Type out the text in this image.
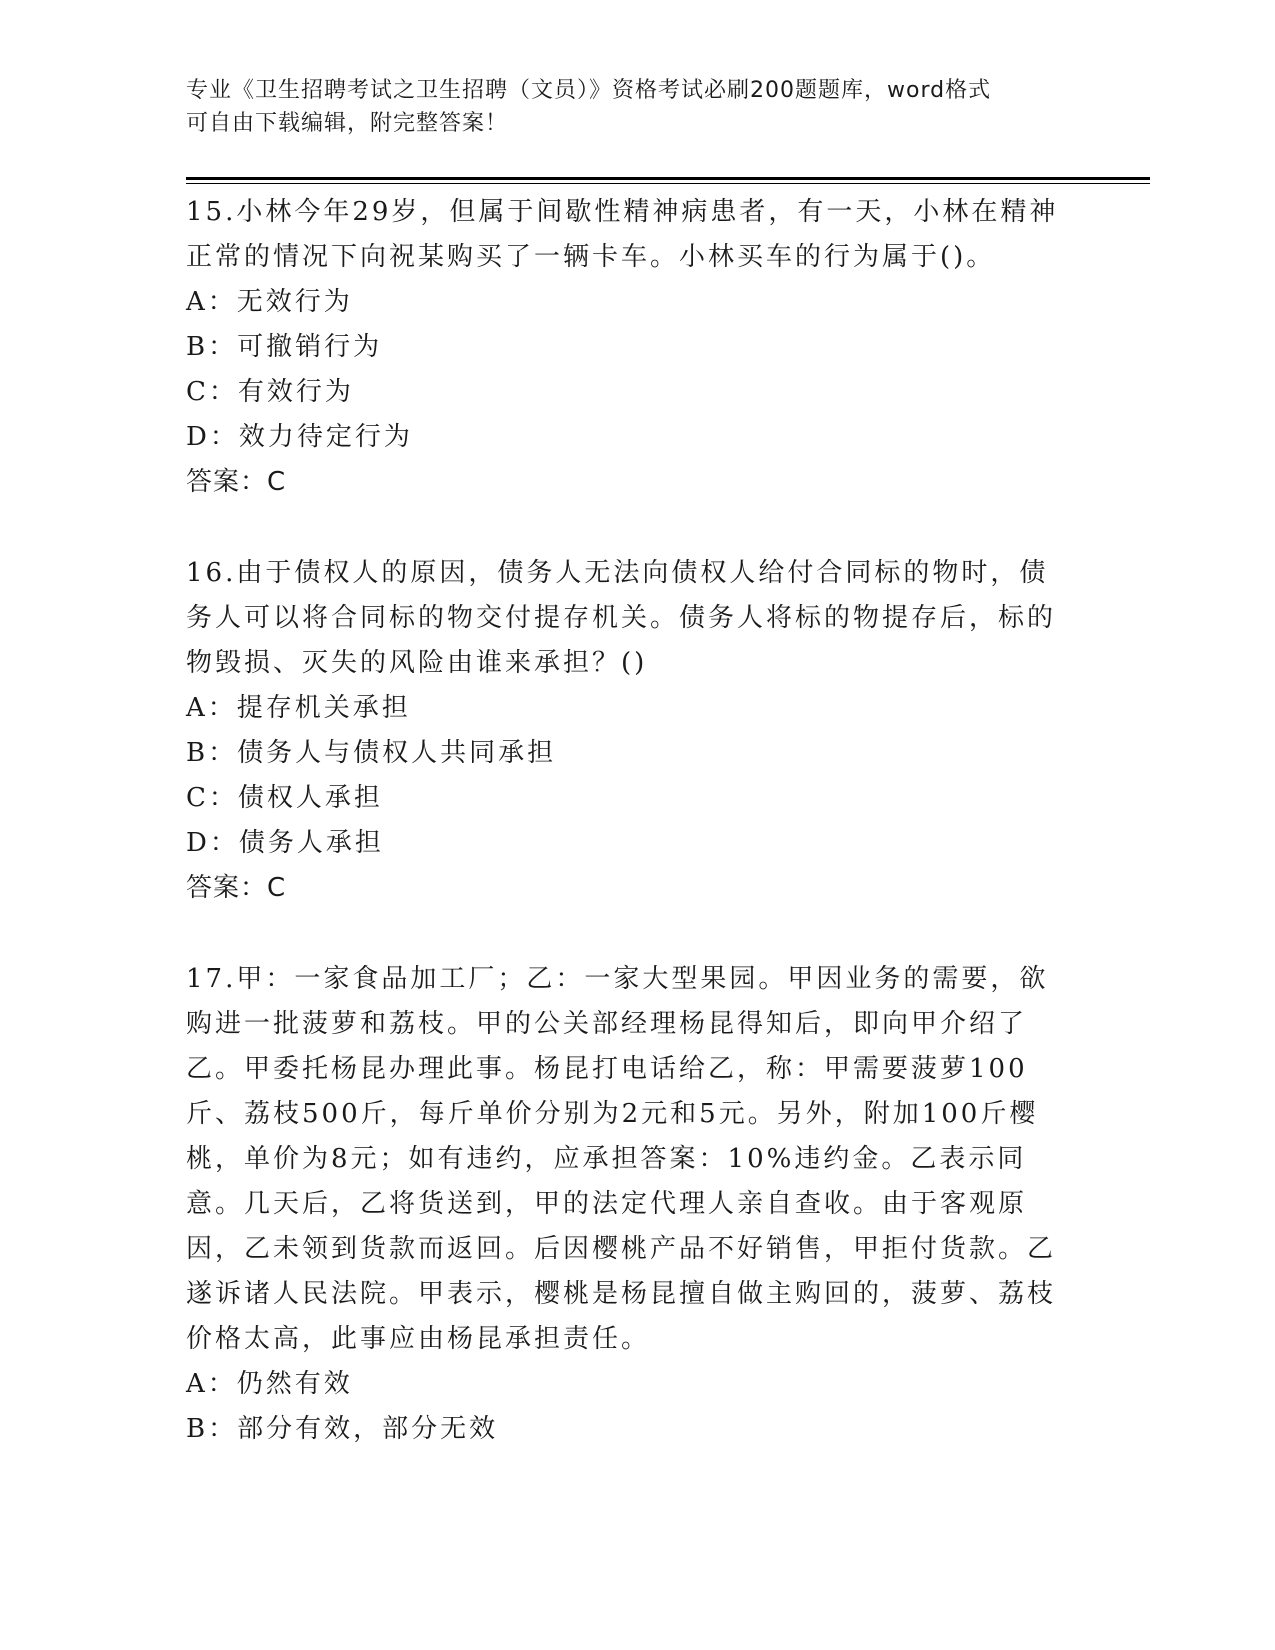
专业《卫生招聘考试之卫生招聘（文员）》资格考试必刷200题题库，word格式
可自由下载编辑，附完整答案！

15.小林今年29岁，但属于间歇性精神病患者，有一天，小林在精神正常的情况下向祝某购买了一辆卡车。小林买车的行为属于()。

A：无效行为

B：可撤销行为

C：有效行为

D：效力待定行为

答案：C

16.由于债权人的原因，债务人无法向债权人给付合同标的物时，债务人可以将合同标的物交付提存机关。债务人将标的物提存后，标的物毁损、灭失的风险由谁来承担？()

A：提存机关承担

B：债务人与债权人共同承担

C：债权人承担

D：债务人承担

答案：C

17.甲：一家食品加工厂；乙：一家大型果园。甲因业务的需要，欲购进一批菠萝和荔枝。甲的公关部经理杨昆得知后，即向甲介绍了乙。甲委托杨昆办理此事。杨昆打电话给乙，称：甲需要菠萝100斤、荔枝500斤，每斤单价分别为2元和5元。另外，附加100斤樱桃，单价为8元；如有违约，应承担答案：10%违约金。乙表示同意。几天后，乙将货送到，甲的法定代理人亲自查收。由于客观原因，乙未领到货款而返回。后因樱桃产品不好销售，甲拒付货款。乙遂诉诸人民法院。甲表示，樱桃是杨昆擅自做主购回的，菠萝、荔枝价格太高，此事应由杨昆承担责任。

A：仍然有效

B：部分有效，部分无效
